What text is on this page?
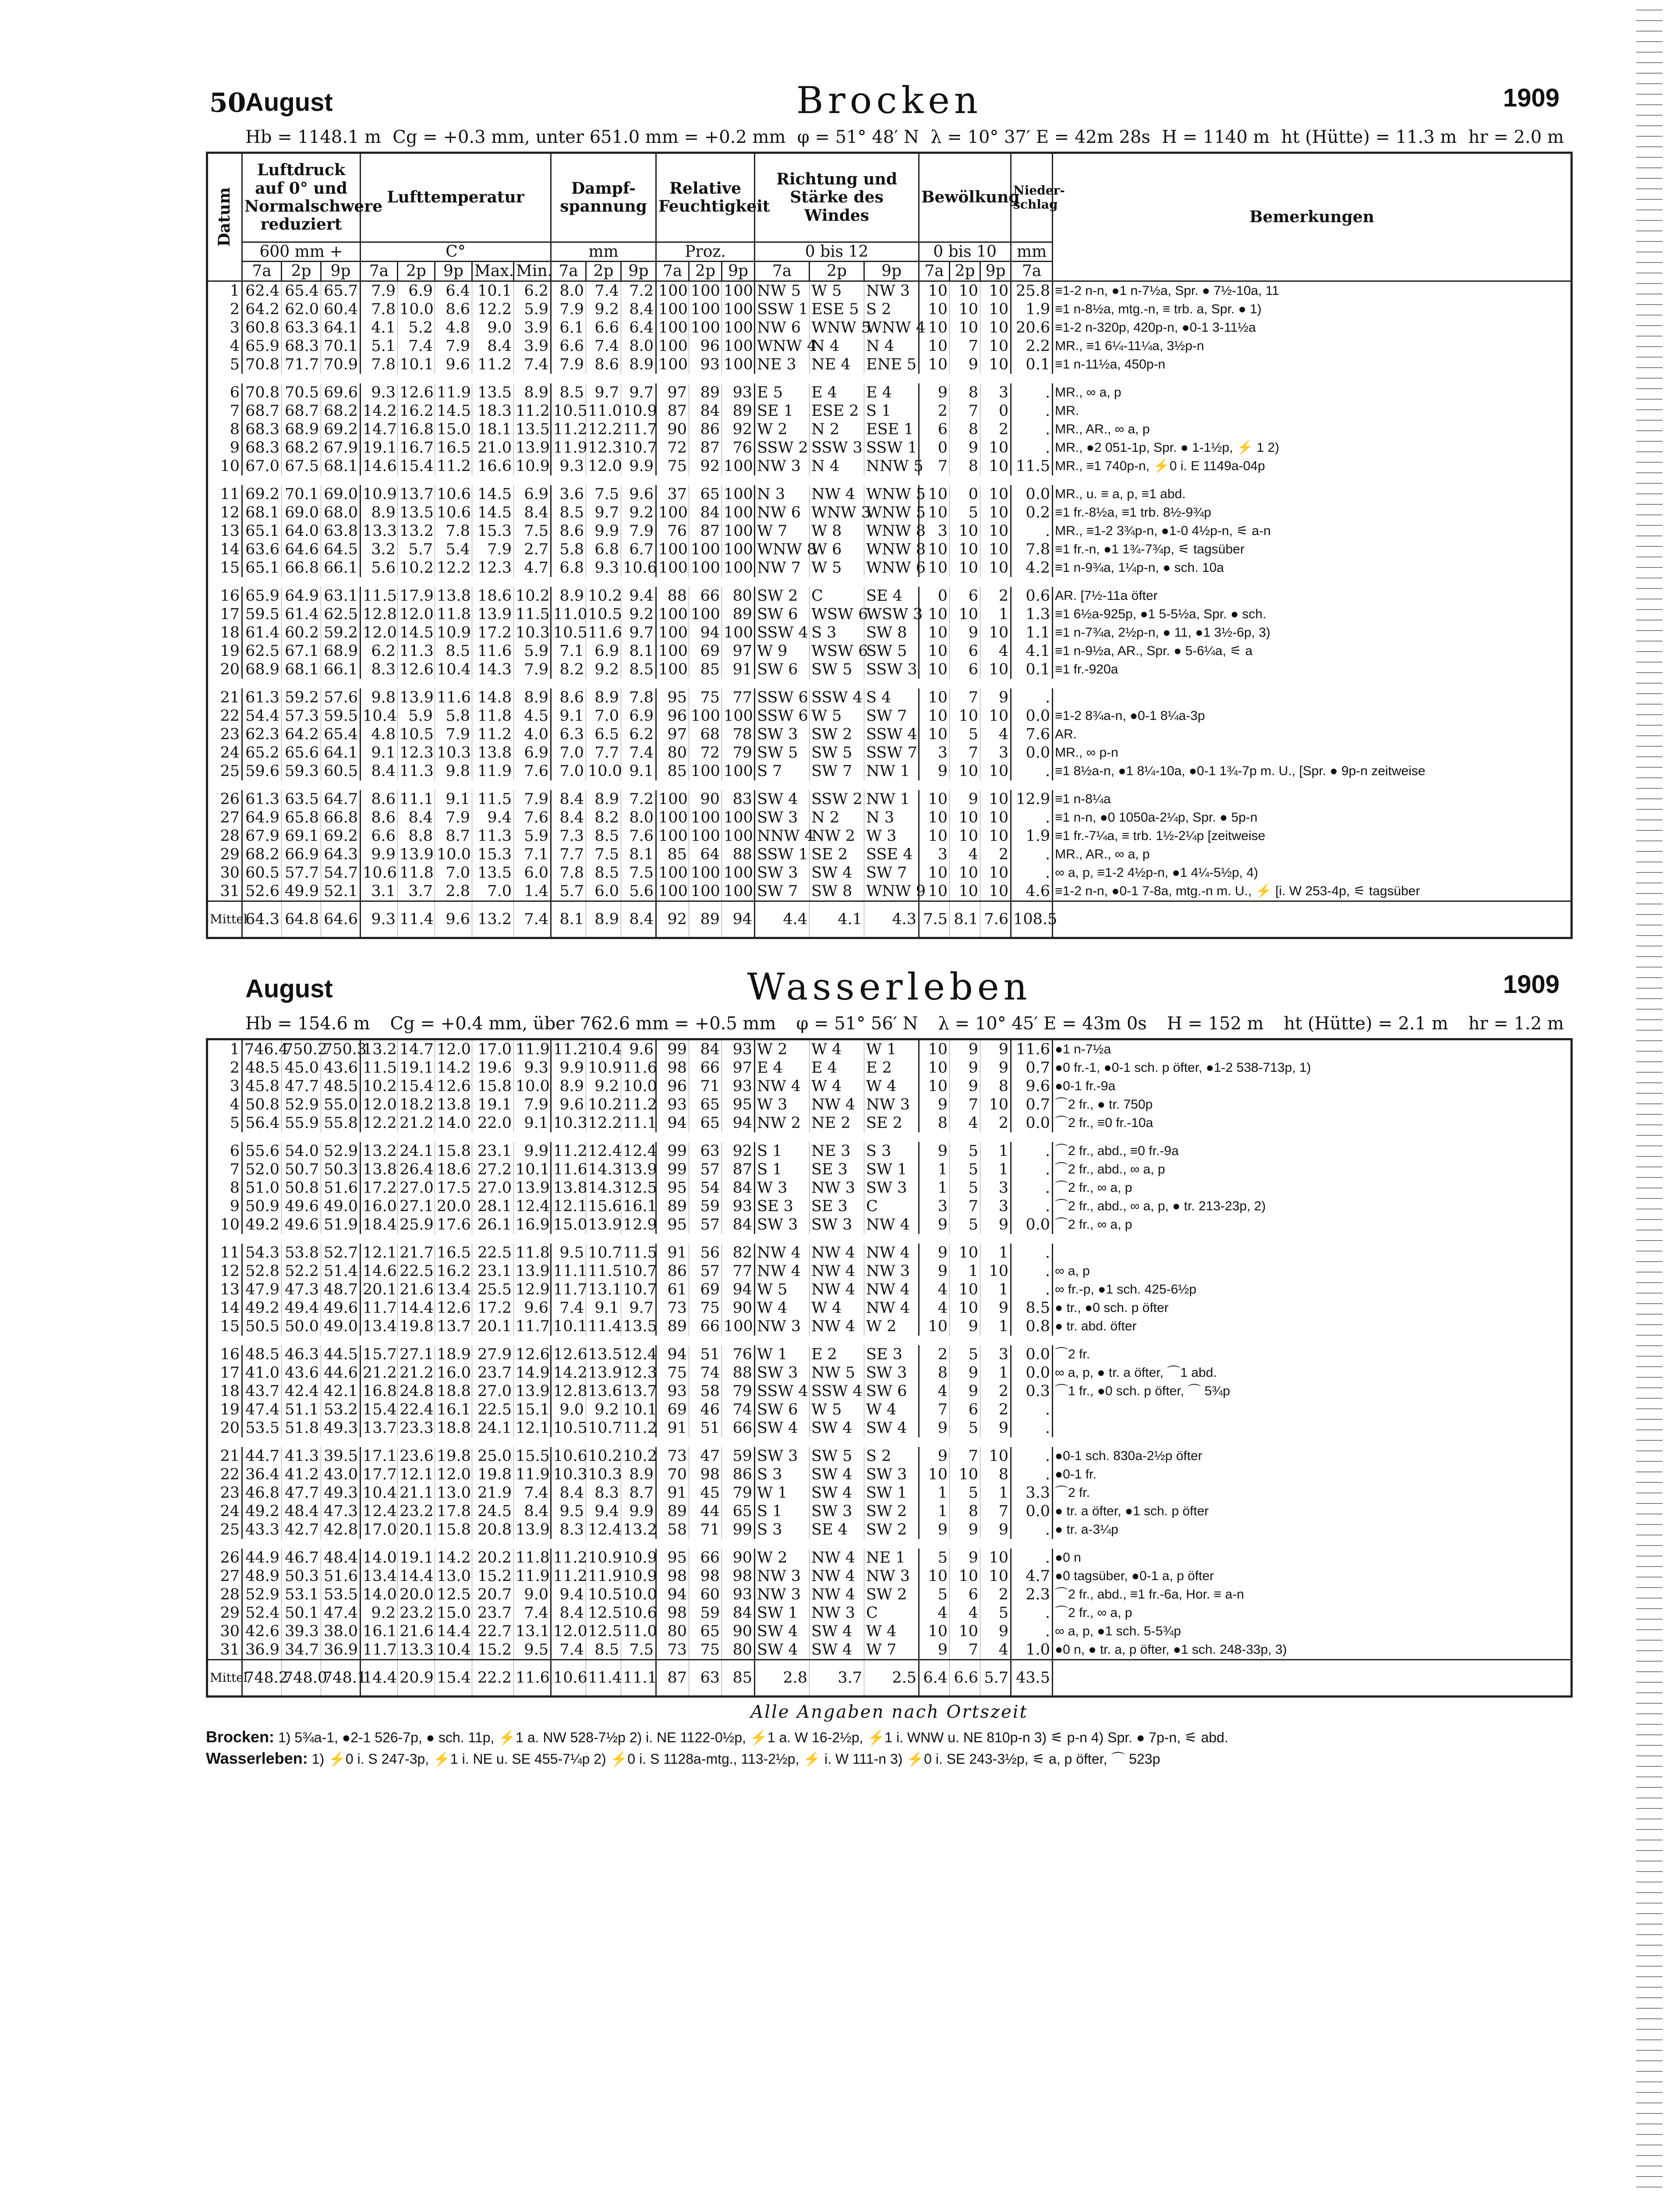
50
August	Brocken	1909
Hb = 1148.1 m Cg = +0.3 mm, unter 651.0 mm = +0.2 mm φ = 51° 48′ N λ = 10° 37′ E = 42m 28s H = 1140 m ht (Hütte) = 11.3 m hr = 2.0 m
Datum	Luftdruck auf 0° und Normalschwere reduziert			Lufttemperatur					Dampf-spannung			Relative Feuchtigkeit			Richtung und Stärke des Windes			Bewölkung			Nieder-schlag	Bemerkungen
	600 mm +			C°					mm			Proz.			0 bis 12			0 bis 10			mm	
	7a	2p	9p	7a	2p	9p	Max.	Min.	7a	2p	9p	7a	2p	9p	7a	2p	9p	7a	2p	9p	7a	
1	62.4	65.4	65.7	7.9	6.9	6.4	10.1	6.2	8.0	7.4	7.2	100	100	100	NW 5	W 5	NW 3	10	10	10	25.8	≡1-2 n-n, ●1 n-7½a, Spr. ● 7½-10a, 11
2	64.2	62.0	60.4	7.8	10.0	8.6	12.2	5.9	7.9	9.2	8.4	100	100	100	SSW 1	ESE 5	S 2	10	10	10	1.9	≡1 n-8½a, mtg.-n, ≡ trb. a, Spr. ● 1)
3	60.8	63.3	64.1	4.1	5.2	4.8	9.0	3.9	6.1	6.6	6.4	100	100	100	NW 6	WNW 5	WNW 4	10	10	10	20.6	≡1-2 n-320p, 420p-n, ●0-1 3-11½a
4	65.9	68.3	70.1	5.1	7.4	7.9	8.4	3.9	6.6	7.4	8.0	100	96	100	WNW 4	N 4	N 4	10	7	10	2.2	MR., ≡1 6¼-11¼a, 3½p-n
5	70.8	71.7	70.9	7.8	10.1	9.6	11.2	7.4	7.9	8.6	8.9	100	93	100	NE 3	NE 4	ENE 5	10	9	10	0.1	≡1 n-11½a, 450p-n

6	70.8	70.5	69.6	9.3	12.6	11.9	13.5	8.9	8.5	9.7	9.7	97	89	93	E 5	E 4	E 4	9	8	3	.	MR., ∞ a, p
7	68.7	68.7	68.2	14.2	16.2	14.5	18.3	11.2	10.5	11.0	10.9	87	84	89	SE 1	ESE 2	S 1	2	7	0	.	MR.
8	68.3	68.9	69.2	14.7	16.8	15.0	18.1	13.5	11.2	12.2	11.7	90	86	92	W 2	N 2	ESE 1	6	8	2	.	MR., AR., ∞ a, p
9	68.3	68.2	67.9	19.1	16.7	16.5	21.0	13.9	11.9	12.3	10.7	72	87	76	SSW 2	SSW 3	SSW 1	0	9	10	.	MR., ●2 051-1p, Spr. ● 1-1½p, ⚡ 1 2)
10	67.0	67.5	68.1	14.6	15.4	11.2	16.6	10.9	9.3	12.0	9.9	75	92	100	NW 3	N 4	NNW 5	7	8	10	11.5	MR., ≡1 740p-n, ⚡0 i. E 1149a-04p

11	69.2	70.1	69.0	10.9	13.7	10.6	14.5	6.9	3.6	7.5	9.6	37	65	100	N 3	NW 4	WNW 5	10	0	10	0.0	MR., u. ≡ a, p, ≡1 abd.
12	68.1	69.0	68.0	8.9	13.5	10.6	14.5	8.4	8.5	9.7	9.2	100	84	100	NW 6	WNW 3	WNW 5	10	5	10	0.2	≡1 fr.-8½a, ≡1 trb. 8½-9¾p
13	65.1	64.0	63.8	13.3	13.2	7.8	15.3	7.5	8.6	9.9	7.9	76	87	100	W 7	W 8	WNW 8	3	10	10	.	MR., ≡1-2 3¾p-n, ●1-0 4½p-n, ⚟ a-n
14	63.6	64.6	64.5	3.2	5.7	5.4	7.9	2.7	5.8	6.8	6.7	100	100	100	WNW 8	W 6	WNW 8	10	10	10	7.8	≡1 fr.-n, ●1 1¾-7¾p, ⚟ tagsüber
15	65.1	66.8	66.1	5.6	10.2	12.2	12.3	4.7	6.8	9.3	10.6	100	100	100	NW 7	W 5	WNW 6	10	10	10	4.2	≡1 n-9¾a, 1¼p-n, ● sch. 10a

16	65.9	64.9	63.1	11.5	17.9	13.8	18.6	10.2	8.9	10.2	9.4	88	66	80	SW 2	C	SE 4	0	6	2	0.6	AR. [7½-11a öfter
17	59.5	61.4	62.5	12.8	12.0	11.8	13.9	11.5	11.0	10.5	9.2	100	100	89	SW 6	WSW 6	WSW 3	10	10	1	1.3	≡1 6½a-925p, ●1 5-5½a, Spr. ● sch.
18	61.4	60.2	59.2	12.0	14.5	10.9	17.2	10.3	10.5	11.6	9.7	100	94	100	SSW 4	S 3	SW 8	10	9	10	1.1	≡1 n-7¾a, 2½p-n, ● 11, ●1 3½-6p, 3)
19	62.5	67.1	68.9	6.2	11.3	8.5	11.6	5.9	7.1	6.9	8.1	100	69	97	W 9	WSW 6	SW 5	10	6	4	4.1	≡1 n-9½a, AR., Spr. ● 5-6¼a, ⚟ a
20	68.9	68.1	66.1	8.3	12.6	10.4	14.3	7.9	8.2	9.2	8.5	100	85	91	SW 6	SW 5	SSW 3	10	6	10	0.1	≡1 fr.-920a

21	61.3	59.2	57.6	9.8	13.9	11.6	14.8	8.9	8.6	8.9	7.8	95	75	77	SSW 6	SSW 4	S 4	10	7	9	.	
22	54.4	57.3	59.5	10.4	5.9	5.8	11.8	4.5	9.1	7.0	6.9	96	100	100	SSW 6	W 5	SW 7	10	10	10	0.0	≡1-2 8¾a-n, ●0-1 8¼a-3p
23	62.3	64.2	65.4	4.8	10.5	7.9	11.2	4.0	6.3	6.5	6.2	97	68	78	SW 3	SW 2	SSW 4	10	5	4	7.6	AR.
24	65.2	65.6	64.1	9.1	12.3	10.3	13.8	6.9	7.0	7.7	7.4	80	72	79	SW 5	SW 5	SSW 7	3	7	3	0.0	MR., ∞ p-n
25	59.6	59.3	60.5	8.4	11.3	9.8	11.9	7.6	7.0	10.0	9.1	85	100	100	S 7	SW 7	NW 1	9	10	10	.	≡1 8½a-n, ●1 8¼-10a, ●0-1 1¾-7p m. U., [Spr. ● 9p-n zeitweise

26	61.3	63.5	64.7	8.6	11.1	9.1	11.5	7.9	8.4	8.9	7.2	100	90	83	SW 4	SSW 2	NW 1	10	9	10	12.9	≡1 n-8¼a
27	64.9	65.8	66.8	8.6	8.4	7.9	9.4	7.6	8.4	8.2	8.0	100	100	100	SW 3	N 2	N 3	10	10	10	.	≡1 n-n, ●0 1050a-2¼p, Spr. ● 5p-n
28	67.9	69.1	69.2	6.6	8.8	8.7	11.3	5.9	7.3	8.5	7.6	100	100	100	NNW 4	NW 2	W 3	10	10	10	1.9	≡1 fr.-7¼a, ≡ trb. 1½-2¼p [zeitweise
29	68.2	66.9	64.3	9.9	13.9	10.0	15.3	7.1	7.7	7.5	8.1	85	64	88	SSW 1	SE 2	SSE 4	3	4	2	.	MR., AR., ∞ a, p
30	60.5	57.7	54.7	10.6	11.8	7.0	13.5	6.0	7.8	8.5	7.5	100	100	100	SW 3	SW 4	SW 7	10	10	10	.	∞ a, p, ≡1-2 4½p-n, ●1 4¼-5½p, 4)
31	52.6	49.9	52.1	3.1	3.7	2.8	7.0	1.4	5.7	6.0	5.6	100	100	100	SW 7	SW 8	WNW 9	10	10	10	4.6	≡1-2 n-n, ●0-1 7-8a, mtg.-n m. U., ⚡ [i. W 253-4p, ⚟ tagsüber
Mittel	64.3	64.8	64.6	9.3	11.4	9.6	13.2	7.4	8.1	8.9	8.4	92	89	94	4.4	4.1	4.3	7.5	8.1	7.6	108.5	
August	Wasserleben	1909
Hb = 154.6 m Cg = +0.4 mm, über 762.6 mm = +0.5 mm φ = 51° 56′ N λ = 10° 45′ E = 43m 0s H = 152 m ht (Hütte) = 2.1 m hr = 1.2 m
1	746.4	750.2	750.3	13.2	14.7	12.0	17.0	11.9	11.2	10.4	9.6	99	84	93	W 2	W 4	W 1	10	9	9	11.6	●1 n-7½a
2	48.5	45.0	43.6	11.5	19.1	14.2	19.6	9.3	9.9	10.9	11.6	98	66	97	E 4	E 4	E 2	10	9	9	0.7	●0 fr.-1, ●0-1 sch. p öfter, ●1-2 538-713p, 1)
3	45.8	47.7	48.5	10.2	15.4	12.6	15.8	10.0	8.9	9.2	10.0	96	71	93	NW 4	W 4	W 4	10	9	8	9.6	●0-1 fr.-9a
4	50.8	52.9	55.0	12.0	18.2	13.8	19.1	7.9	9.6	10.2	11.2	93	65	95	W 3	NW 4	NW 3	9	7	10	0.7	⌒2 fr., ● tr. 750p
5	56.4	55.9	55.8	12.2	21.2	14.0	22.0	9.1	10.3	12.2	11.1	94	65	94	NW 2	NE 2	SE 2	8	4	2	0.0	⌒2 fr., ≡0 fr.-10a

6	55.6	54.0	52.9	13.2	24.1	15.8	23.1	9.9	11.2	12.4	12.4	99	63	92	S 1	NE 3	S 3	9	5	1	.	⌒2 fr., abd., ≡0 fr.-9a
7	52.0	50.7	50.3	13.8	26.4	18.6	27.2	10.1	11.6	14.3	13.9	99	57	87	S 1	SE 3	SW 1	1	5	1	.	⌒2 fr., abd., ∞ a, p
8	51.0	50.8	51.6	17.2	27.0	17.5	27.0	13.9	13.8	14.3	12.5	95	54	84	W 3	NW 3	SW 3	1	5	3	.	⌒2 fr., ∞ a, p
9	50.9	49.6	49.0	16.0	27.1	20.0	28.1	12.4	12.1	15.6	16.1	89	59	93	SE 3	SE 3	C	3	7	3	.	⌒2 fr., abd., ∞ a, p, ● tr. 213-23p, 2)
10	49.2	49.6	51.9	18.4	25.9	17.6	26.1	16.9	15.0	13.9	12.9	95	57	84	SW 3	SW 3	NW 4	9	5	9	0.0	⌒2 fr., ∞ a, p

11	54.3	53.8	52.7	12.1	21.7	16.5	22.5	11.8	9.5	10.7	11.5	91	56	82	NW 4	NW 4	NW 4	9	10	1	.	
12	52.8	52.2	51.4	14.6	22.5	16.2	23.1	13.9	11.1	11.5	10.7	86	57	77	NW 4	NW 4	NW 3	9	1	10	.	∞ a, p
13	47.9	47.3	48.7	20.1	21.6	13.4	25.5	12.9	11.7	13.1	10.7	61	69	94	W 5	NW 4	NW 4	4	10	1	.	∞ fr.-p, ●1 sch. 425-6½p
14	49.2	49.4	49.6	11.7	14.4	12.6	17.2	9.6	7.4	9.1	9.7	73	75	90	W 4	W 4	NW 4	4	10	9	8.5	● tr., ●0 sch. p öfter
15	50.5	50.0	49.0	13.4	19.8	13.7	20.1	11.7	10.1	11.4	13.5	89	66	100	NW 3	NW 4	W 2	10	9	1	0.8	● tr. abd. öfter

16	48.5	46.3	44.5	15.7	27.1	18.9	27.9	12.6	12.6	13.5	12.4	94	51	76	W 1	E 2	SE 3	2	5	3	0.0	⌒2 fr.
17	41.0	43.6	44.6	21.2	21.2	16.0	23.7	14.9	14.2	13.9	12.3	75	74	88	SW 3	NW 5	SW 3	8	9	1	0.0	∞ a, p, ● tr. a öfter, ⌒1 abd.
18	43.7	42.4	42.1	16.8	24.8	18.8	27.0	13.9	12.8	13.6	13.7	93	58	79	SSW 4	SSW 4	SW 6	4	9	2	0.3	⌒1 fr., ●0 sch. p öfter, ⌒ 5¾p
19	47.4	51.1	53.2	15.4	22.4	16.1	22.5	15.1	9.0	9.2	10.1	69	46	74	SW 6	W 5	W 4	7	6	2	.	
20	53.5	51.8	49.3	13.7	23.3	18.8	24.1	12.1	10.5	10.7	11.2	91	51	66	SW 4	SW 4	SW 4	9	5	9	.	

21	44.7	41.3	39.5	17.1	23.6	19.8	25.0	15.5	10.6	10.2	10.2	73	47	59	SW 3	SW 5	S 2	9	7	10	.	●0-1 sch. 830a-2½p öfter
22	36.4	41.2	43.0	17.7	12.1	12.0	19.8	11.9	10.3	10.3	8.9	70	98	86	S 3	SW 4	SW 3	10	10	8	.	●0-1 fr.
23	46.8	47.7	49.3	10.4	21.1	13.0	21.9	7.4	8.4	8.3	8.7	91	45	79	W 1	SW 4	SW 1	1	5	1	3.3	⌒2 fr.
24	49.2	48.4	47.3	12.4	23.2	17.8	24.5	8.4	9.5	9.4	9.9	89	44	65	S 1	SW 3	SW 2	1	8	7	0.0	● tr. a öfter, ●1 sch. p öfter
25	43.3	42.7	42.8	17.0	20.1	15.8	20.8	13.9	8.3	12.4	13.2	58	71	99	S 3	SE 4	SW 2	9	9	9	.	● tr. a-3¼p

26	44.9	46.7	48.4	14.0	19.1	14.2	20.2	11.8	11.2	10.9	10.9	95	66	90	W 2	NW 4	NE 1	5	9	10	.	●0 n
27	48.9	50.3	51.6	13.4	14.4	13.0	15.2	11.9	11.2	11.9	10.9	98	98	98	NW 3	NW 4	NW 3	10	10	10	4.7	●0 tagsüber, ●0-1 a, p öfter
28	52.9	53.1	53.5	14.0	20.0	12.5	20.7	9.0	9.4	10.5	10.0	94	60	93	NW 3	NW 4	SW 2	5	6	2	2.3	⌒2 fr., abd., ≡1 fr.-6a, Hor. ≡ a-n
29	52.4	50.1	47.4	9.2	23.2	15.0	23.7	7.4	8.4	12.5	10.6	98	59	84	SW 1	NW 3	C	4	4	5	.	⌒2 fr., ∞ a, p
30	42.6	39.3	38.0	16.1	21.6	14.4	22.7	13.1	12.0	12.5	11.0	80	65	90	SW 4	SW 4	W 4	10	10	9	.	∞ a, p, ●1 sch. 5-5¾p
31	36.9	34.7	36.9	11.7	13.3	10.4	15.2	9.5	7.4	8.5	7.5	73	75	80	SW 4	SW 4	W 7	9	7	4	1.0	●0 n, ● tr. a, p öfter, ●1 sch. 248-33p, 3)
Mittel	748.2	748.0	748.1	14.4	20.9	15.4	22.2	11.6	10.6	11.4	11.1	87	63	85	2.8	3.7	2.5	6.4	6.6	5.7	43.5	
Alle Angaben nach Ortszeit
Brocken: 1) 5¾a-1, ●2-1 526-7p, ● sch. 11p, ⚡1 a. NW 528-7½p 2) i. NE 1122-0½p, ⚡1 a. W 16-2½p, ⚡1 i. WNW u. NE 810p-n 3) ⚟ p-n 4) Spr. ● 7p-n, ⚟ abd.
Wasserleben: 1) ⚡0 i. S 247-3p, ⚡1 i. NE u. SE 455-7¼p 2) ⚡0 i. S 1128a-mtg., 113-2½p, ⚡ i. W 111-n 3) ⚡0 i. SE 243-3½p, ⚟ a, p öfter, ⌒ 523p
